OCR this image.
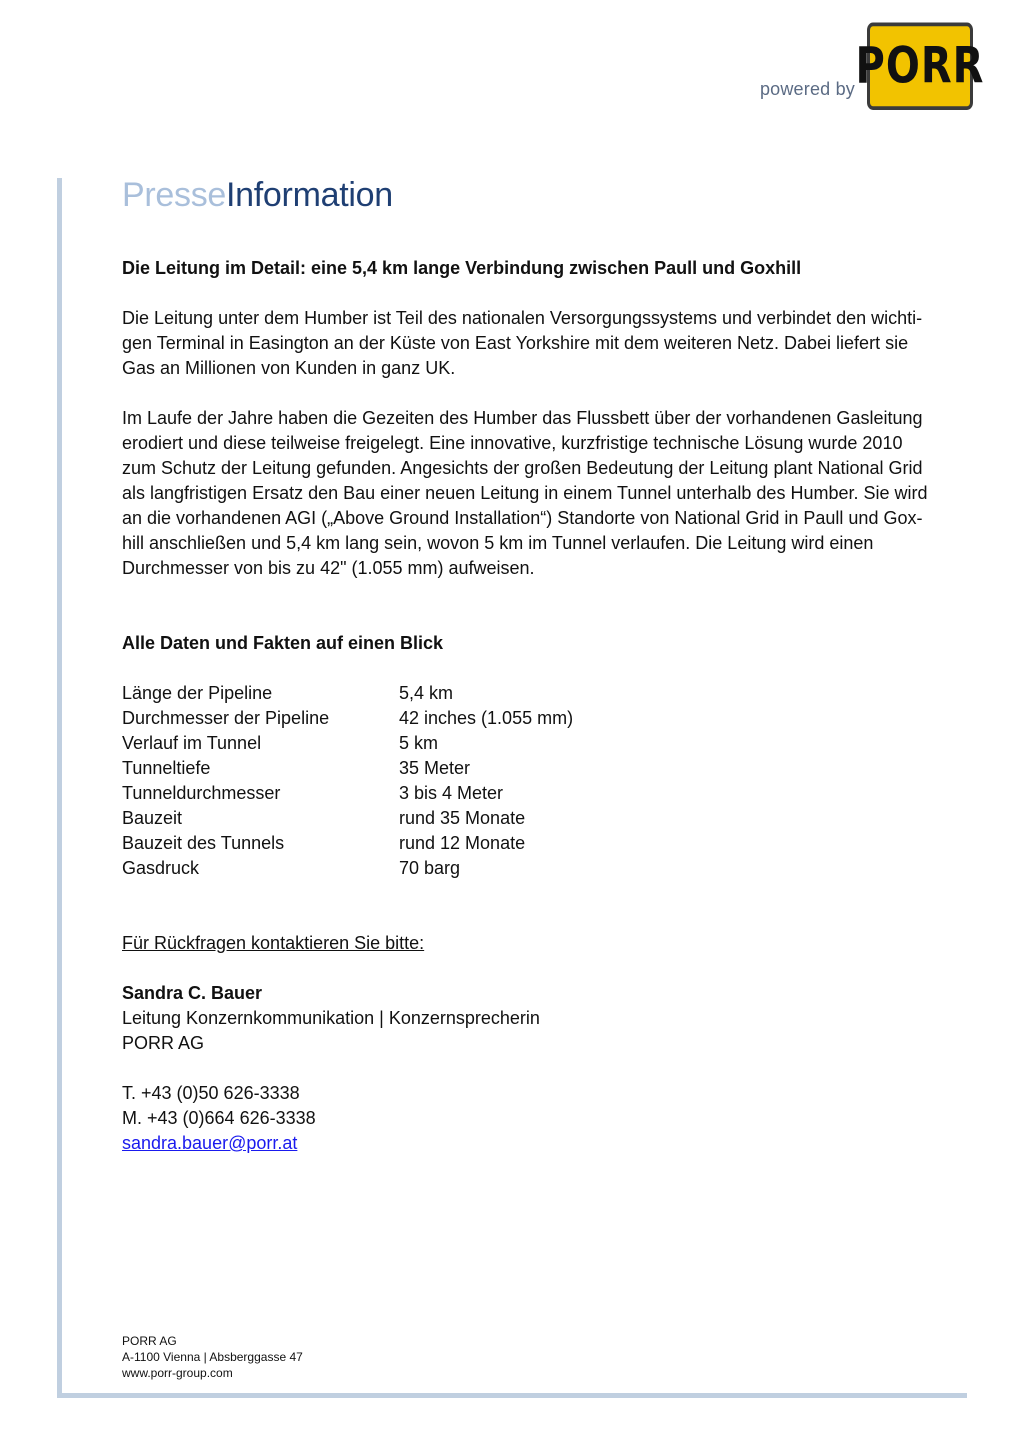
powered by PORR
PresseInformation

Die Leitung im Detail: eine 5,4 km lange Verbindung zwischen Paull und Goxhill

Die Leitung unter dem Humber ist Teil des nationalen Versorgungssystems und verbindet den wichti-

gen Terminal in Easington an der Küste von East Yorkshire mit dem weiteren Netz. Dabei liefert sie

Gas an Millionen von Kunden in ganz UK.

Im Laufe der Jahre haben die Gezeiten des Humber das Flussbett über der vorhandenen Gasleitung

erodiert und diese teilweise freigelegt. Eine innovative, kurzfristige technische Lösung wurde 2010

zum Schutz der Leitung gefunden. Angesichts der großen Bedeutung der Leitung plant National Grid

als langfristigen Ersatz den Bau einer neuen Leitung in einem Tunnel unterhalb des Humber. Sie wird

an die vorhandenen AGI („Above Ground Installation“) Standorte von National Grid in Paull und Gox-

hill anschließen und 5,4 km lang sein, wovon 5 km im Tunnel verlaufen. Die Leitung wird einen

Durchmesser von bis zu 42" (1.055 mm) aufweisen.

Alle Daten und Fakten auf einen Blick

Länge der Pipeline	5,4 km
Durchmesser der Pipeline	42 inches (1.055 mm)
Verlauf im Tunnel	5 km
Tunneltiefe	35 Meter
Tunneldurchmesser	3 bis 4 Meter
Bauzeit	rund 35 Monate
Bauzeit des Tunnels	rund 12 Monate
Gasdruck	70 barg

Für Rückfragen kontaktieren Sie bitte:

Sandra C. Bauer

Leitung Konzernkommunikation | Konzernsprecherin

PORR AG

T. +43 (0)50 626-3338

M. +43 (0)664 626-3338

sandra.bauer@porr.at

PORR AG
A-1100 Vienna | Absberggasse 47
www.porr-group.com
